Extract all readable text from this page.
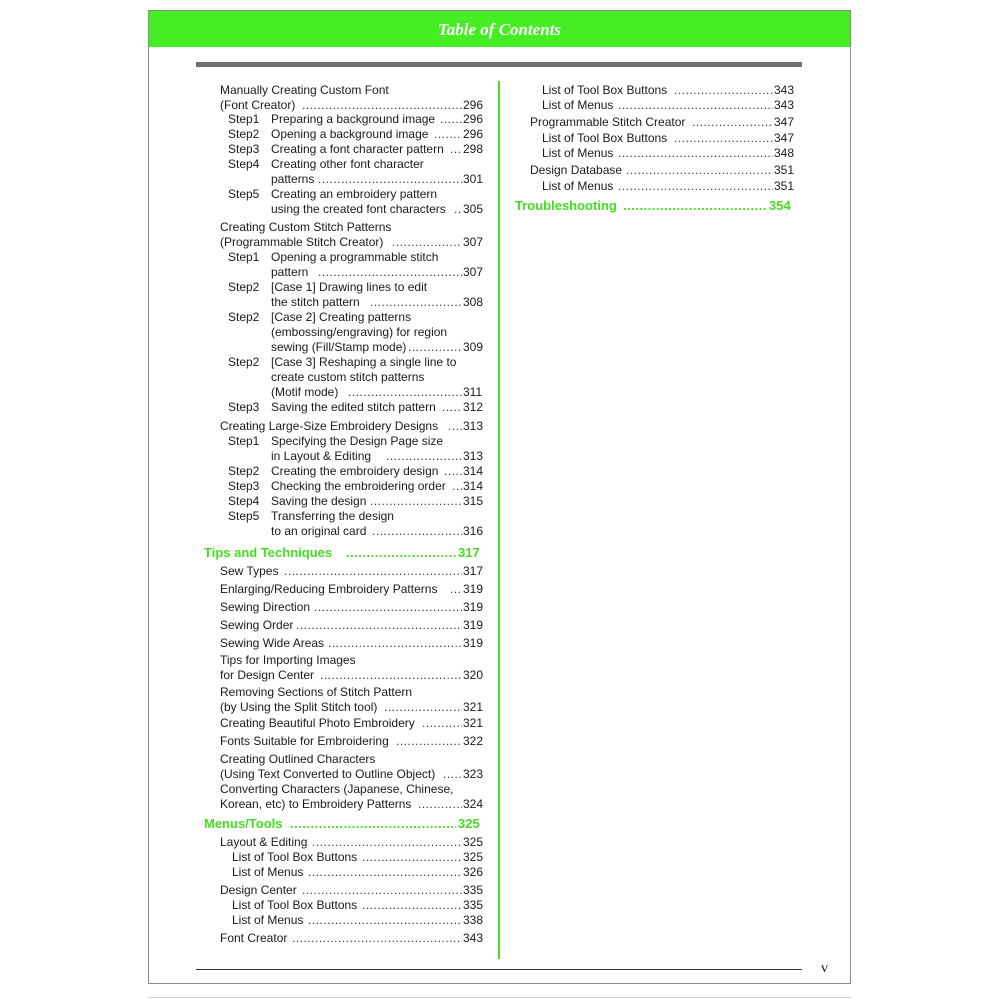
Table of Contents
Manually Creating Custom Font
(Font Creator) .....	296
Step1 Preparing a background image ..... 296
Step2 Opening a background image .....	296
Step3 Creating a font character pattern ..... 298
Step4 Creating other font character
patterns .....	301
Step5 Creating an embroidery pattern
using the created font characters ..... 305
Creating Custom Stitch Patterns
(Programmable Stitch Creator) .....	307
Step1 Opening a programmable stitch
pattern .....	307
Step2 [Case 1] Drawing lines to edit
the stitch pattern .....	308
Step2 [Case 2] Creating patterns
(embossing/engraving) for region
sewing (Fill/Stamp mode) .....	309
Step2 [Case 3] Reshaping a single line to
create custom stitch patterns
(Motif mode) .....	311
Step3 Saving the edited stitch pattern ..... 312
Creating Large-Size Embroidery Designs ..... 313
Step1 Specifying the Design Page size
in Layout & Editing .....	313
Step2 Creating the embroidery design ..... 314
Step3 Checking the embroidering order ..... 314
Step4 Saving the design .....	315
Step5 Transferring the design
to an original card .....	316
Tips and Techniques .....	317
Sew Types .....	317
Enlarging/Reducing Embroidery Patterns ..... 319
Sewing Direction .....	319
Sewing Order .....	319
Sewing Wide Areas .....	319
Tips for Importing Images
for Design Center .....	320
Removing Sections of Stitch Pattern
(by Using the Split Stitch tool) .....	321
Creating Beautiful Photo Embroidery .....	321
Fonts Suitable for Embroidering .....	322
Creating Outlined Characters
(Using Text Converted to Outline Object) ..... 323
Converting Characters (Japanese, Chinese,
Korean, etc) to Embroidery Patterns .....	324
Menus/Tools .....	325
Layout & Editing .....	325
List of Tool Box Buttons .....	325
List of Menus .....	326
Design Center .....	335
List of Tool Box Buttons .....	335
List of Menus .....	338
Font Creator .....	343
List of Tool Box Buttons .....	343
List of Menus .....	343
Programmable Stitch Creator .....	347
List of Tool Box Buttons .....	347
List of Menus .....	348
Design Database .....	351
List of Menus .....	351
Troubleshooting .....	354
v
